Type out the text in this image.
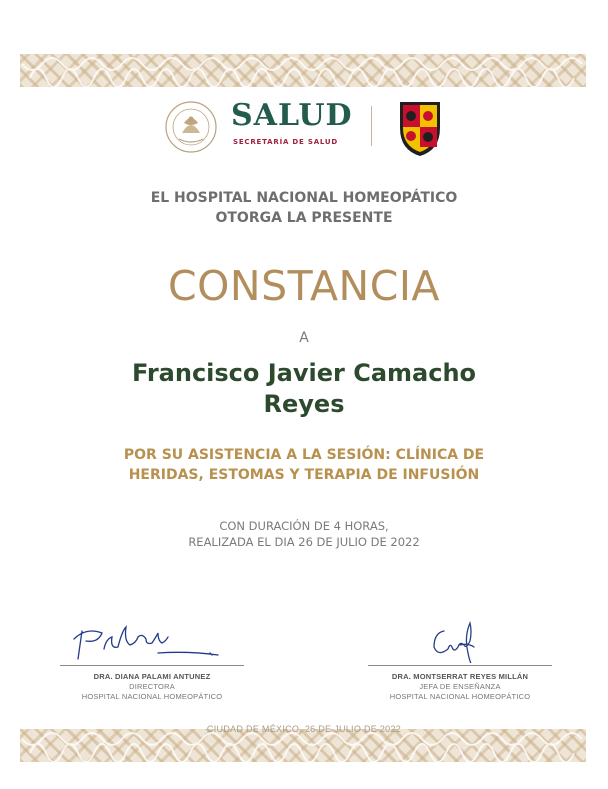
SALUD
SECRETARÍA DE SALUD
EL HOSPITAL NACIONAL HOMEOPÁTICO
OTORGA LA PRESENTE
CONSTANCIA
A
Francisco Javier Camacho
Reyes
POR SU ASISTENCIA A LA SESIÓN: CLÍNICA DE
HERIDAS, ESTOMAS Y TERAPIA DE INFUSIÓN
CON DURACIÓN DE 4 HORAS,
REALIZADA EL DIA 26 DE JULIO DE 2022
DRA. DIANA PALAMI ANTUNEZ
DIRECTORA
HOSPITAL NACIONAL HOMEOPÁTICO
DRA. MONTSERRAT REYES MILLÁN
JEFA DE ENSEÑANZA
HOSPITAL NACIONAL HOMEOPÁTICO
CIUDAD DE MÉXICO, 26 DE JULIO DE 2022
